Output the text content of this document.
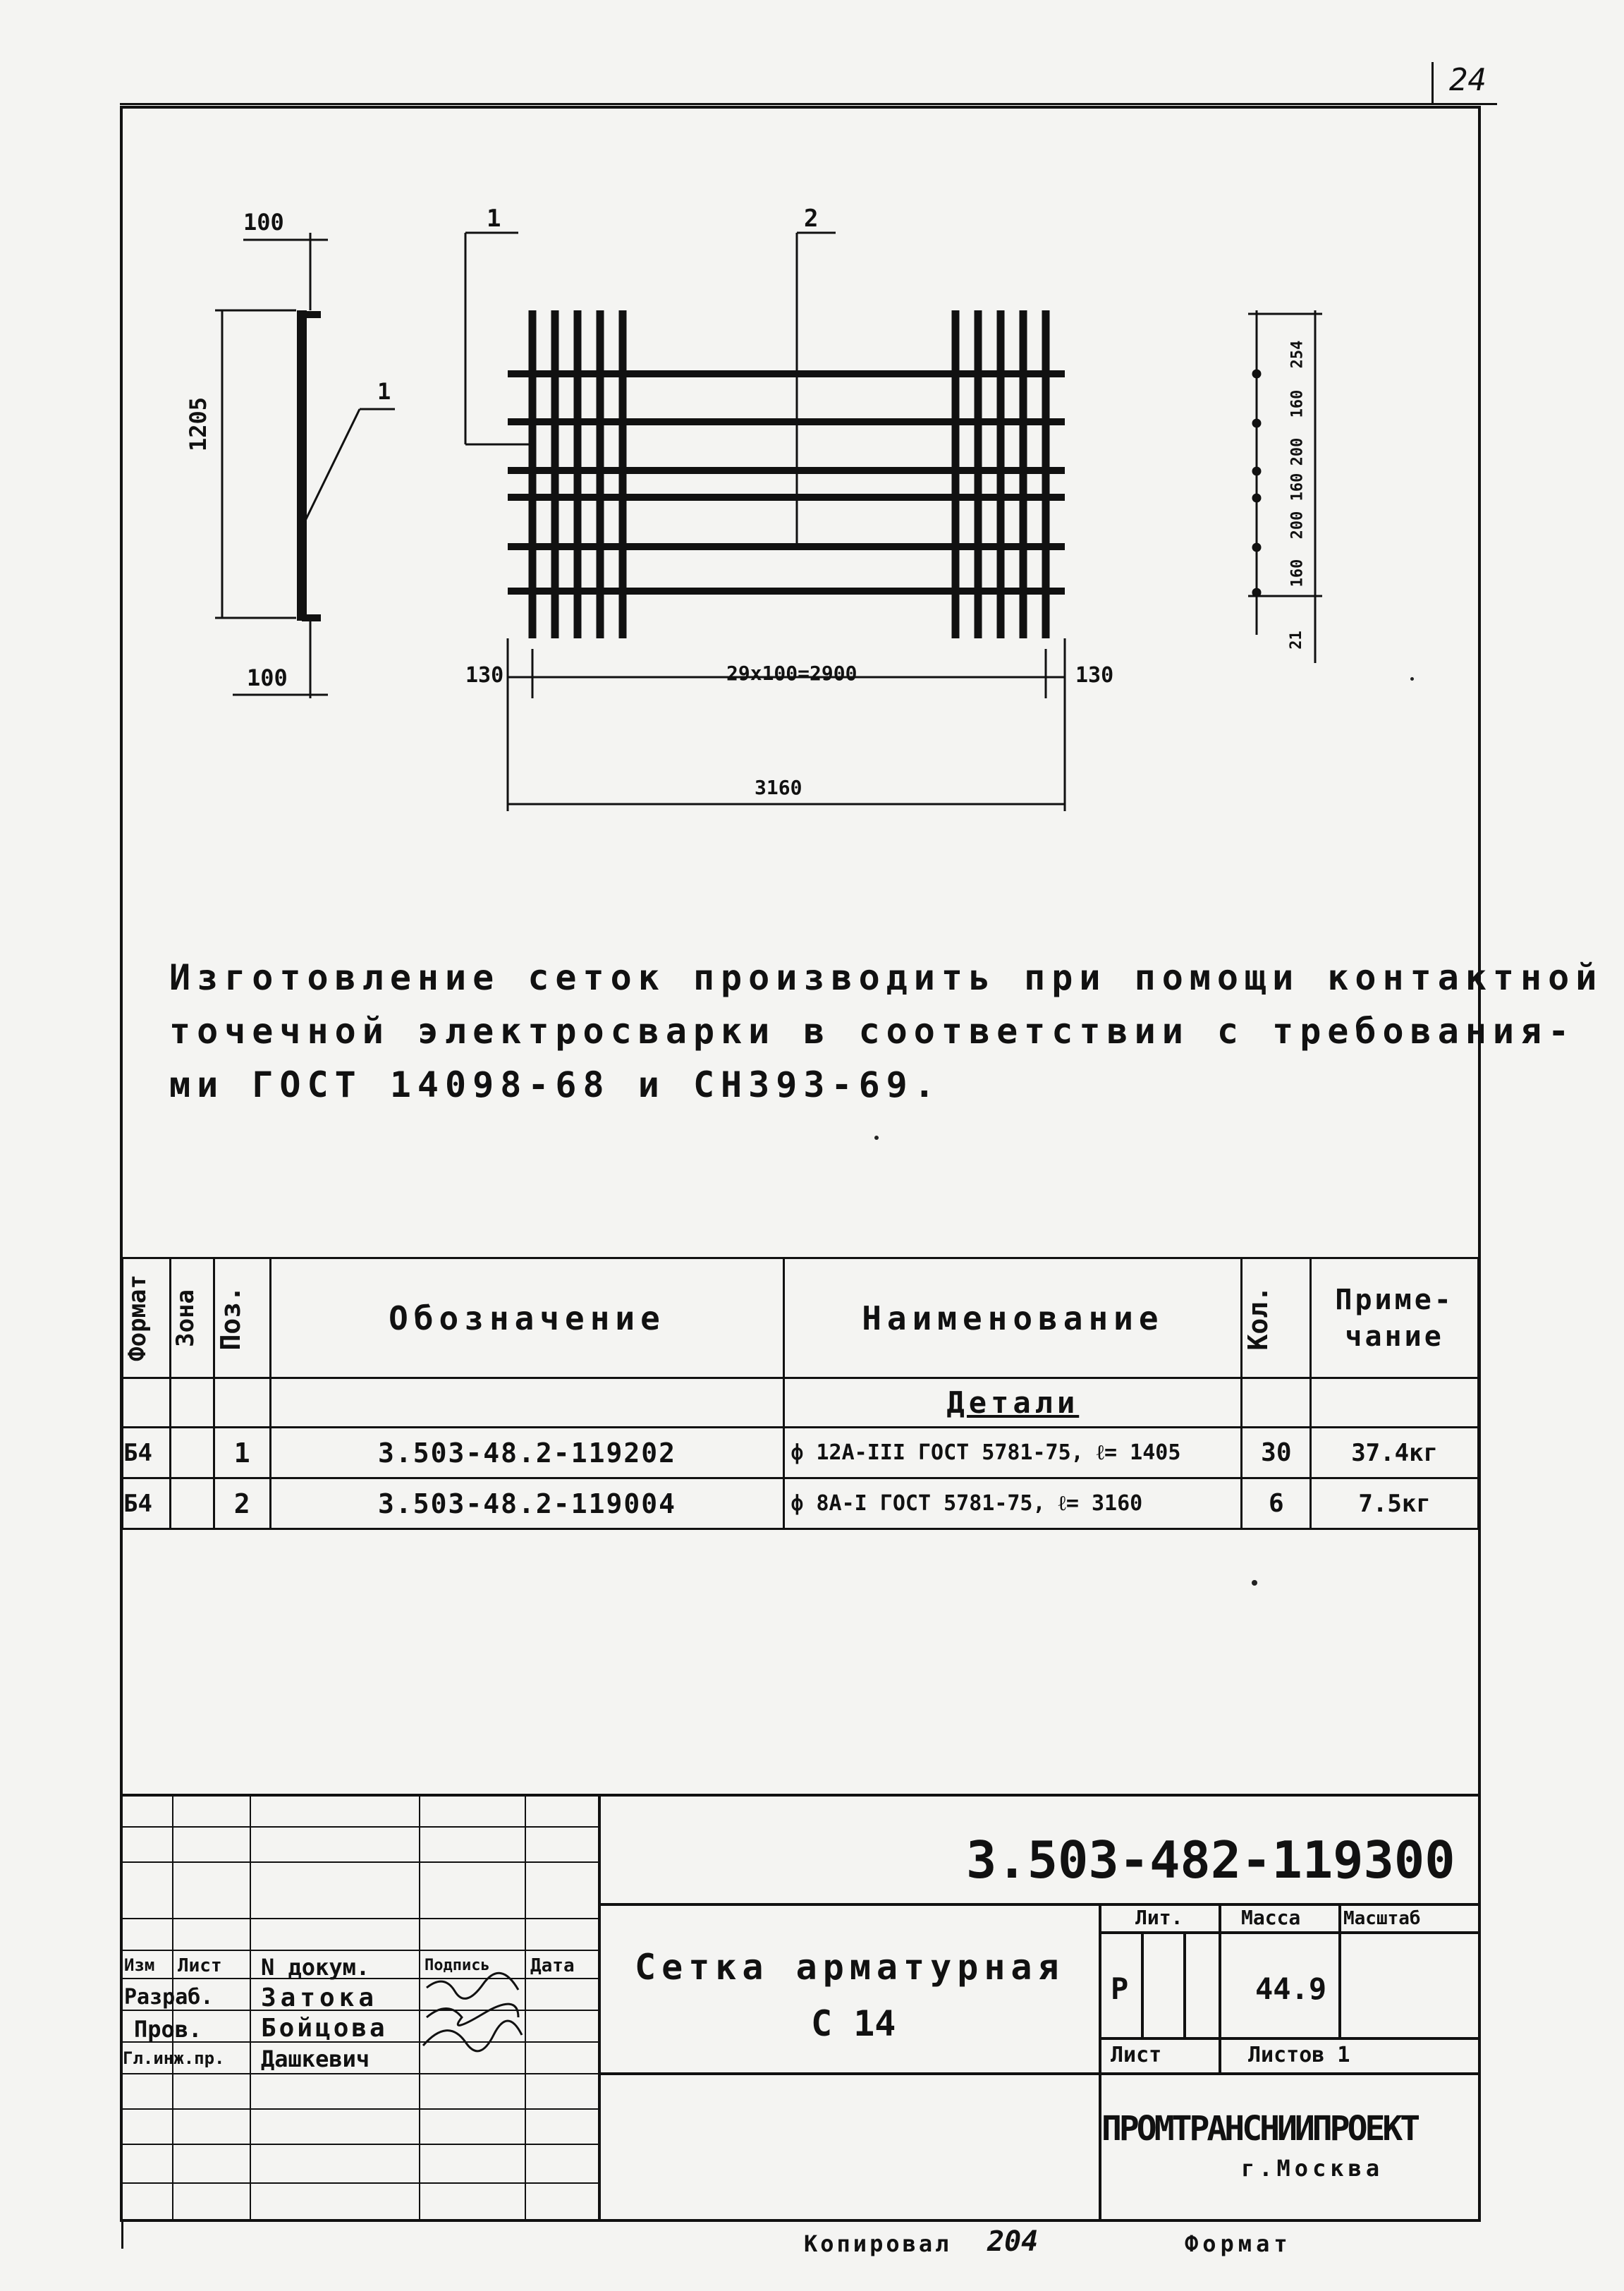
24
100
1205
100
1
1	2
130	29x100=2900	130
3160
254
160
200
160
200
160
21
Изготовление сеток производить при помощи контактной
точечной электросварки в соответствии с требования-
ми ГОСТ 14098-68 и СН393-69.
Формат	Зона	Поз.	Обозначение	Наименование	Кол.	Приме-чание
				Детали		
Б4		1	3.503-48.2-119202	ф 12А-III ГОСТ 5781-75, ℓ= 1405	30	37.4кг
Б4		2	3.503-48.2-119004	ф 8А-I ГОСТ 5781-75, ℓ= 3160	6	7.5кг
Изм Лист N докум.	Подпись Дата
Разраб. Затока
Пров. Бойцова
Гл.инж.пр. Дашкевич
3.503-482-119300
Сетка арматурная
С 14
Лит.	Масса Масштаб
Р	44.9
Лист	Листов 1
ПРОМТРАНСНИИПРОЕКТ
г.Москва
Копировал 204	Формат
